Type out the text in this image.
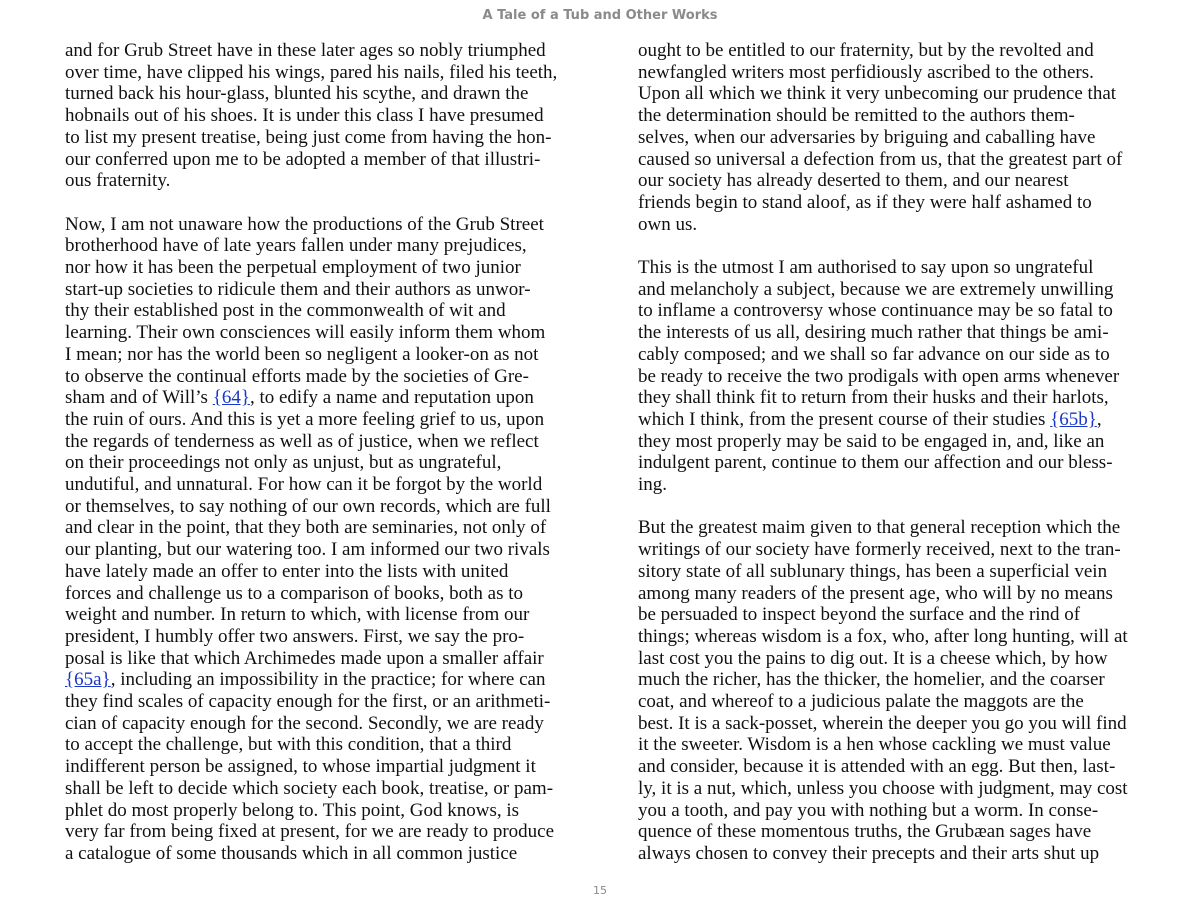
A Tale of a Tub and Other Works

and for Grub Street have in these later ages so nobly triumphed
over time, have clipped his wings, pared his nails, filed his teeth,
turned back his hour-glass, blunted his scythe, and drawn the
hobnails out of his shoes. It is under this class I have presumed
to list my present treatise, being just come from having the hon-
our conferred upon me to be adopted a member of that illustri-
ous fraternity.

Now, I am not unaware how the productions of the Grub Street
brotherhood have of late years fallen under many prejudices,
nor how it has been the perpetual employment of two junior
start-up societies to ridicule them and their authors as unwor-
thy their established post in the commonwealth of wit and
learning. Their own consciences will easily inform them whom
I mean; nor has the world been so negligent a looker-on as not
to observe the continual efforts made by the societies of Gre-
sham and of Will’s {64}, to edify a name and reputation upon
the ruin of ours. And this is yet a more feeling grief to us, upon
the regards of tenderness as well as of justice, when we reflect
on their proceedings not only as unjust, but as ungrateful,
undutiful, and unnatural. For how can it be forgot by the world
or themselves, to say nothing of our own records, which are full
and clear in the point, that they both are seminaries, not only of
our planting, but our watering too. I am informed our two rivals
have lately made an offer to enter into the lists with united
forces and challenge us to a comparison of books, both as to
weight and number. In return to which, with license from our
president, I humbly offer two answers. First, we say the pro-
posal is like that which Archimedes made upon a smaller affair
{65a}, including an impossibility in the practice; for where can
they find scales of capacity enough for the first, or an arithmeti-
cian of capacity enough for the second. Secondly, we are ready
to accept the challenge, but with this condition, that a third
indifferent person be assigned, to whose impartial judgment it
shall be left to decide which society each book, treatise, or pam-
phlet do most properly belong to. This point, God knows, is
very far from being fixed at present, for we are ready to produce
a catalogue of some thousands which in all common justice

ought to be entitled to our fraternity, but by the revolted and
newfangled writers most perfidiously ascribed to the others.
Upon all which we think it very unbecoming our prudence that
the determination should be remitted to the authors them-
selves, when our adversaries by briguing and caballing have
caused so universal a defection from us, that the greatest part of
our society has already deserted to them, and our nearest
friends begin to stand aloof, as if they were half ashamed to
own us.

This is the utmost I am authorised to say upon so ungrateful
and melancholy a subject, because we are extremely unwilling
to inflame a controversy whose continuance may be so fatal to
the interests of us all, desiring much rather that things be ami-
cably composed; and we shall so far advance on our side as to
be ready to receive the two prodigals with open arms whenever
they shall think fit to return from their husks and their harlots,
which I think, from the present course of their studies {65b},
they most properly may be said to be engaged in, and, like an
indulgent parent, continue to them our affection and our bless-
ing.

But the greatest maim given to that general reception which the
writings of our society have formerly received, next to the tran-
sitory state of all sublunary things, has been a superficial vein
among many readers of the present age, who will by no means
be persuaded to inspect beyond the surface and the rind of
things; whereas wisdom is a fox, who, after long hunting, will at
last cost you the pains to dig out. It is a cheese which, by how
much the richer, has the thicker, the homelier, and the coarser
coat, and whereof to a judicious palate the maggots are the
best. It is a sack-posset, wherein the deeper you go you will find
it the sweeter. Wisdom is a hen whose cackling we must value
and consider, because it is attended with an egg. But then, last-
ly, it is a nut, which, unless you choose with judgment, may cost
you a tooth, and pay you with nothing but a worm. In conse-
quence of these momentous truths, the Grubæan sages have
always chosen to convey their precepts and their arts shut up

15
